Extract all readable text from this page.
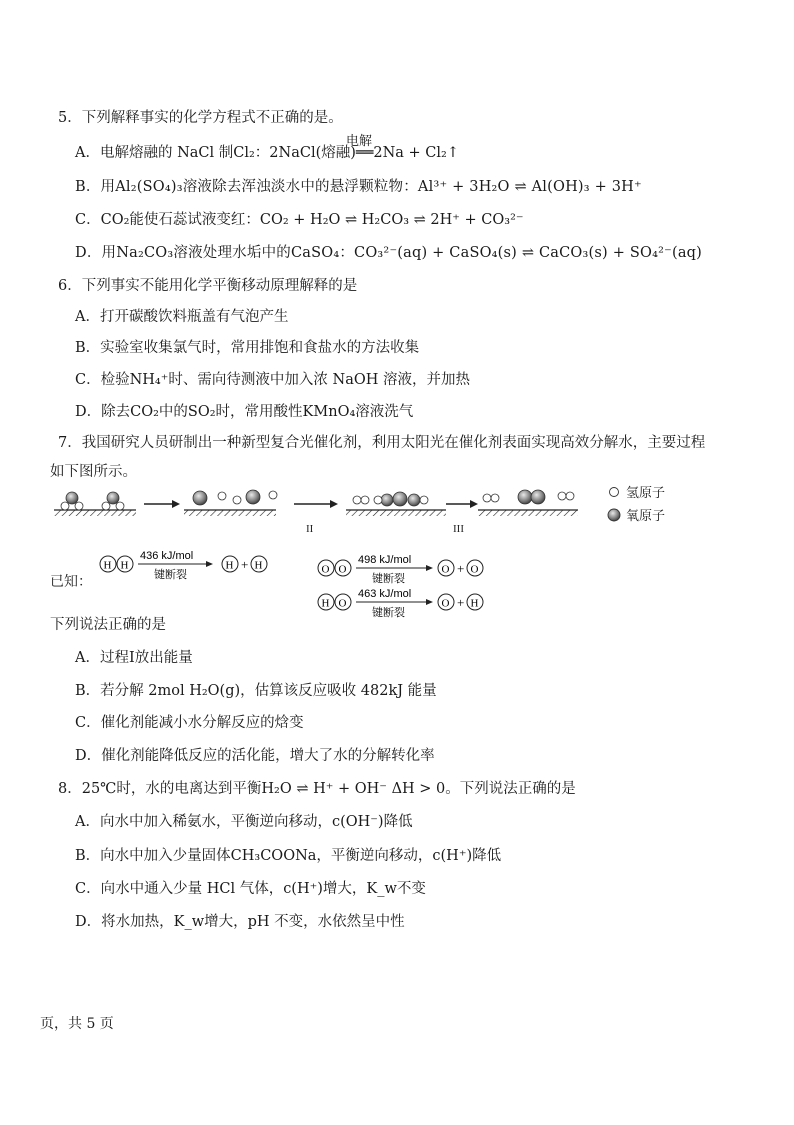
5．下列解释事实的化学方程式不正确的是。
电解
A．电解熔融的 NaCl 制Cl₂：2NaCl(熔融)══2Na + Cl₂↑
B．用Al₂(SO₄)₃溶液除去浑浊淡水中的悬浮颗粒物：Al³⁺ + 3H₂O ⇌ Al(OH)₃ + 3H⁺
C．CO₂能使石蕊试液变红：CO₂ + H₂O ⇌ H₂CO₃ ⇌ 2H⁺ + CO₃²⁻
D．用Na₂CO₃溶液处理水垢中的CaSO₄：CO₃²⁻(aq) + CaSO₄(s) ⇌ CaCO₃(s) + SO₄²⁻(aq)
6．下列事实不能用化学平衡移动原理解释的是
A．打开碳酸饮料瓶盖有气泡产生
B．实验室收集氯气时，常用排饱和食盐水的方法收集
C．检验NH₄⁺时、需向待测液中加入浓 NaOH 溶液，并加热
D．除去CO₂中的SO₂时，常用酸性KMnO₄溶液洗气
7．我国研究人员研制出一种新型复合光催化剂，利用太阳光在催化剂表面实现高效分解水，主要过程
如下图所示。
II	III
氢原子
氧原子
已知：
H H
436 kJ/mol
键断裂
H + H	O O
498 kJ/mol
键断裂
O + O
H O
463 kJ/mol
键断裂
O + H
下列说法正确的是
A．过程I放出能量
B．若分解 2mol H₂O(g)，估算该反应吸收 482kJ 能量
C．催化剂能减小水分解反应的焓变
D．催化剂能降低反应的活化能，增大了水的分解转化率
8．25℃时，水的电离达到平衡H₂O ⇌ H⁺ + OH⁻ ΔH > 0。下列说法正确的是
A．向水中加入稀氨水，平衡逆向移动，c(OH⁻)降低
B．向水中加入少量固体CH₃COONa，平衡逆向移动，c(H⁺)降低
C．向水中通入少量 HCl 气体，c(H⁺)增大，K_w不变
D．将水加热，K_w增大，pH 不变，水依然呈中性
页，共 5 页
